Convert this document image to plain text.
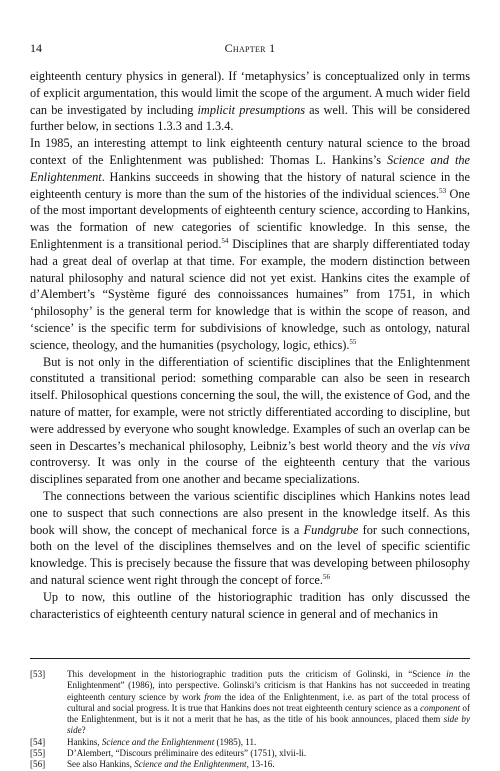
14	Chapter 1

eighteenth century physics in general). If ‘metaphysics’ is conceptualized only in terms of explicit argumentation, this would limit the scope of the argument. A much wider field can be investigated by including implicit presumptions as well. This will be considered further below, in sections 1.3.3 and 1.3.4.

In 1985, an interesting attempt to link eighteenth century natural science to the broad context of the Enlightenment was published: Thomas L. Hankins’s Science and the Enlightenment. Hankins succeeds in showing that the history of natural science in the eighteenth century is more than the sum of the histories of the individual sciences.$^{53}$ One of the most important developments of eighteenth century science, according to Hankins, was the formation of new categories of scientific knowledge. In this sense, the Enlightenment is a transitional period.$^{54}$ Disciplines that are sharply differentiated today had a great deal of overlap at that time. For example, the modern distinction between natural philosophy and natural science did not yet exist. Hankins cites the example of d’Alembert’s “Système figuré des connoissances humaines” from 1751, in which ‘philosophy’ is the general term for knowledge that is within the scope of reason, and ‘science’ is the specific term for subdivisions of knowledge, such as ontology, natural science, theology, and the humanities (psychology, logic, ethics).$^{55}$

But is not only in the differentiation of scientific disciplines that the Enlightenment constituted a transitional period: something comparable can also be seen in research itself. Philosophical questions concerning the soul, the will, the existence of God, and the nature of matter, for example, were not strictly differentiated according to discipline, but were addressed by everyone who sought knowledge. Examples of such an overlap can be seen in Descartes’s mechanical philosophy, Leibniz’s best world theory and the vis viva controversy. It was only in the course of the eighteenth century that the various disciplines separated from one another and became specializations.

The connections between the various scientific disciplines which Hankins notes lead one to suspect that such connections are also present in the knowledge itself. As this book will show, the concept of mechanical force is a Fundgrube for such connections, both on the level of the disciplines themselves and on the level of specific scientific knowledge. This is precisely because the fissure that was developing between philosophy and natural science went right through the concept of force.$^{56}$

Up to now, this outline of the historiographic tradition has only discussed the characteristics of eighteenth century natural science in general and of mechanics in

[53] This development in the historiographic tradition puts the criticism of Golinski, in “Science in the Enlightenment” (1986), into perspective. Golinski’s criticism is that Hankins has not succeeded in treating eighteenth century science by work from the idea of the Enlightenment, i.e. as part of the total process of cultural and social progress. It is true that Hankins does not treat eighteenth century science as a component of the Enlightenment, but is it not a merit that he has, as the title of his book announces, placed them side by side?
[54] Hankins, Science and the Enlightenment (1985), 11.
[55] D’Alembert, “Discours préliminaire des editeurs” (1751), xlvii-li.
[56] See also Hankins, Science and the Enlightenment, 13-16.
